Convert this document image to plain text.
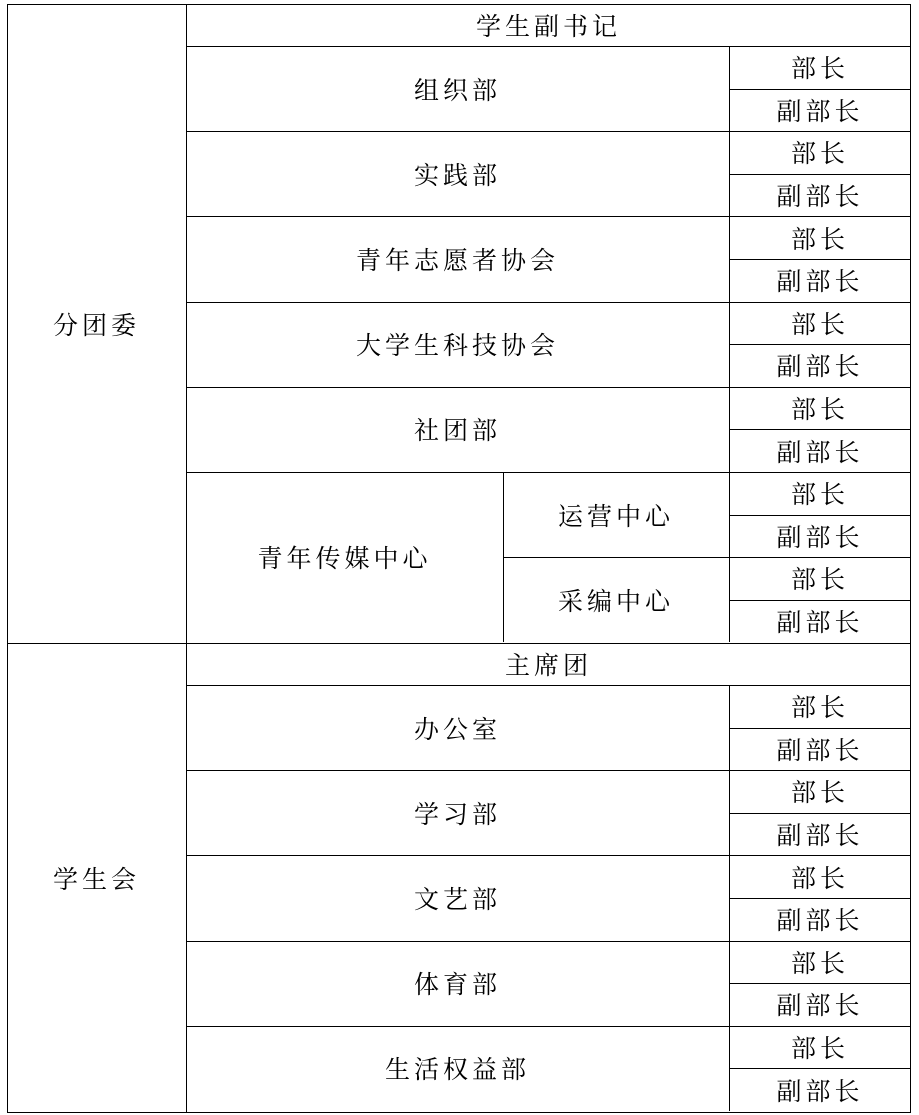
分团委
学生副书记
组织部
部长
副部长
实践部
部长
副部长
青年志愿者协会
部长
副部长
大学生科技协会
部长
副部长
社团部
部长
副部长
青年传媒中心
运营中心
部长
副部长
采编中心
部长
副部长
学生会
主席团
办公室
部长
副部长
学习部
部长
副部长
文艺部
部长
副部长
体育部
部长
副部长
生活权益部
部长
副部长
